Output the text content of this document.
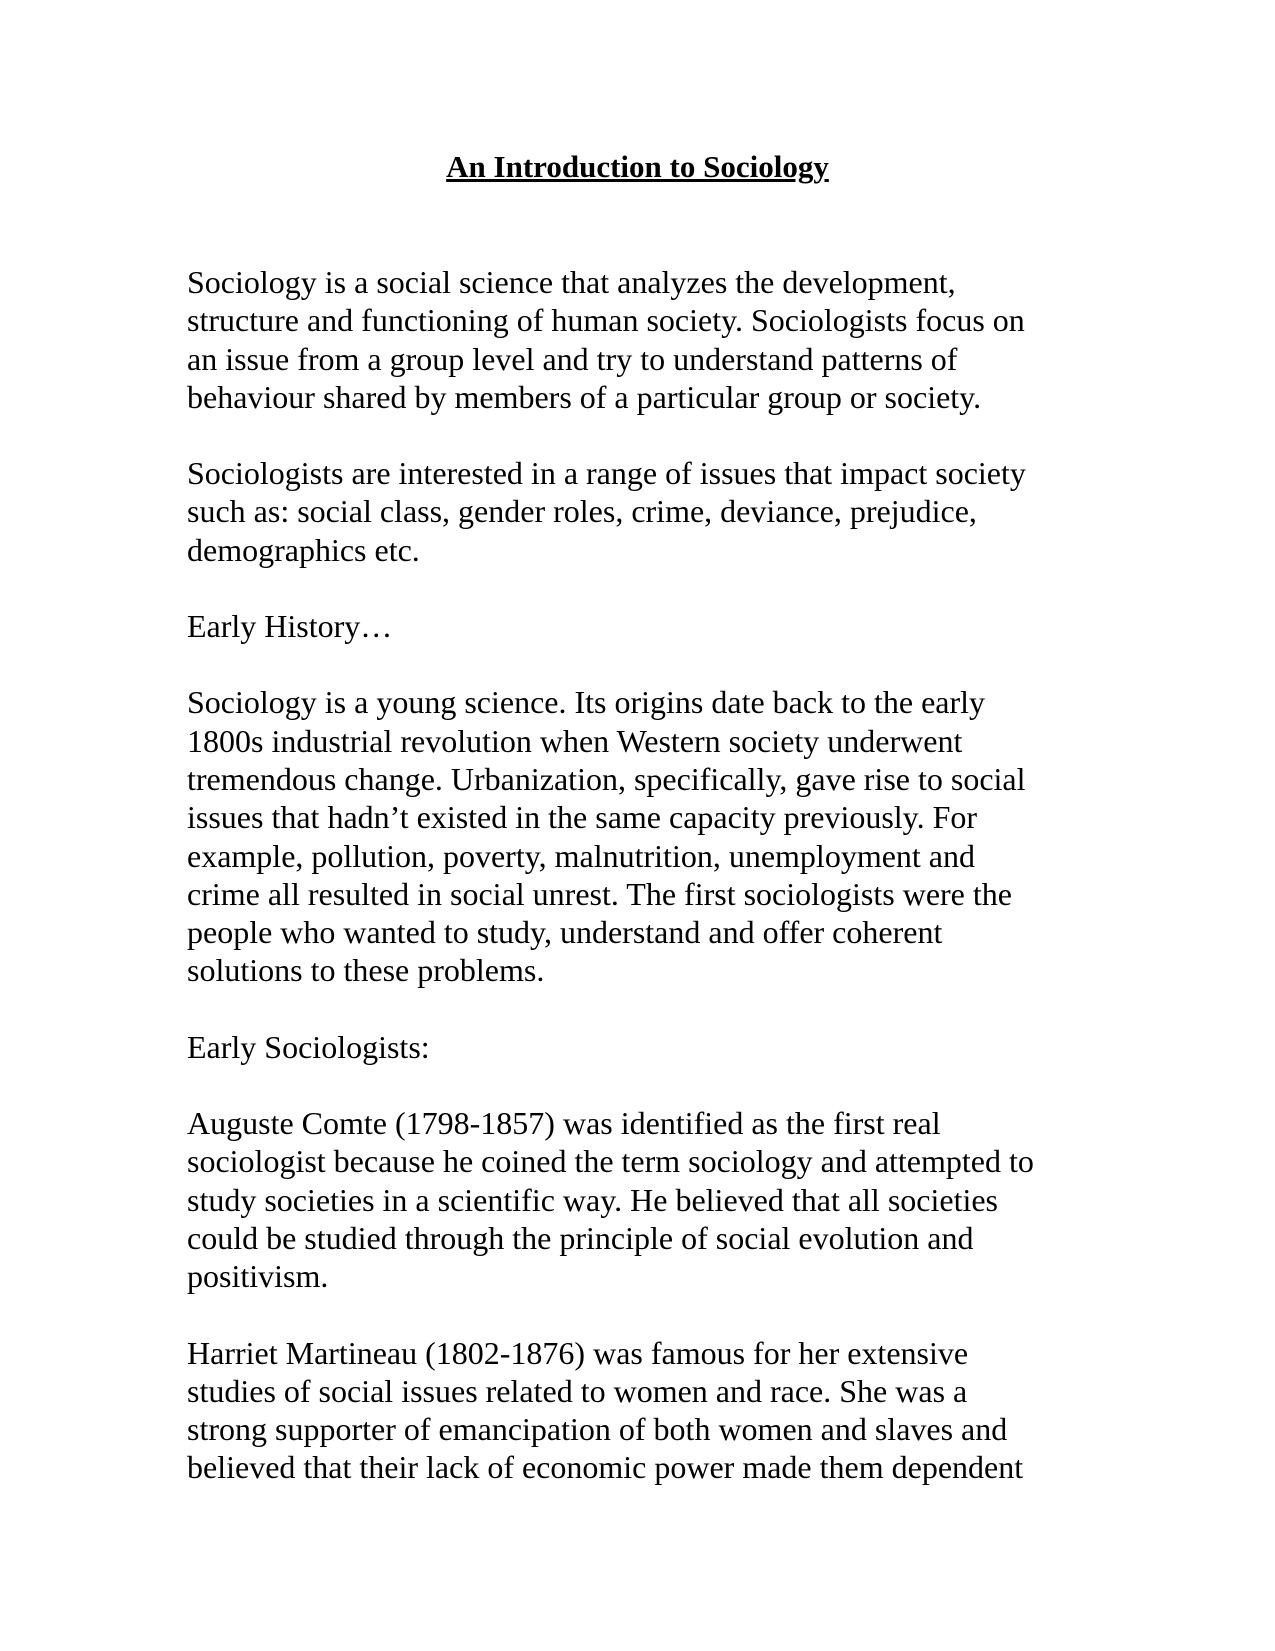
An Introduction to Sociology

Sociology is a social science that analyzes the development,
structure and functioning of human society. Sociologists focus on
an issue from a group level and try to understand patterns of
behaviour shared by members of a particular group or society.

Sociologists are interested in a range of issues that impact society
such as: social class, gender roles, crime, deviance, prejudice,
demographics etc.

Early History…

Sociology is a young science. Its origins date back to the early
1800s industrial revolution when Western society underwent
tremendous change. Urbanization, specifically, gave rise to social
issues that hadn’t existed in the same capacity previously. For
example, pollution, poverty, malnutrition, unemployment and
crime all resulted in social unrest. The first sociologists were the
people who wanted to study, understand and offer coherent
solutions to these problems.

Early Sociologists:

Auguste Comte (1798-1857) was identified as the first real
sociologist because he coined the term sociology and attempted to
study societies in a scientific way. He believed that all societies
could be studied through the principle of social evolution and
positivism.

Harriet Martineau (1802-1876) was famous for her extensive
studies of social issues related to women and race. She was a
strong supporter of emancipation of both women and slaves and
believed that their lack of economic power made them dependent
